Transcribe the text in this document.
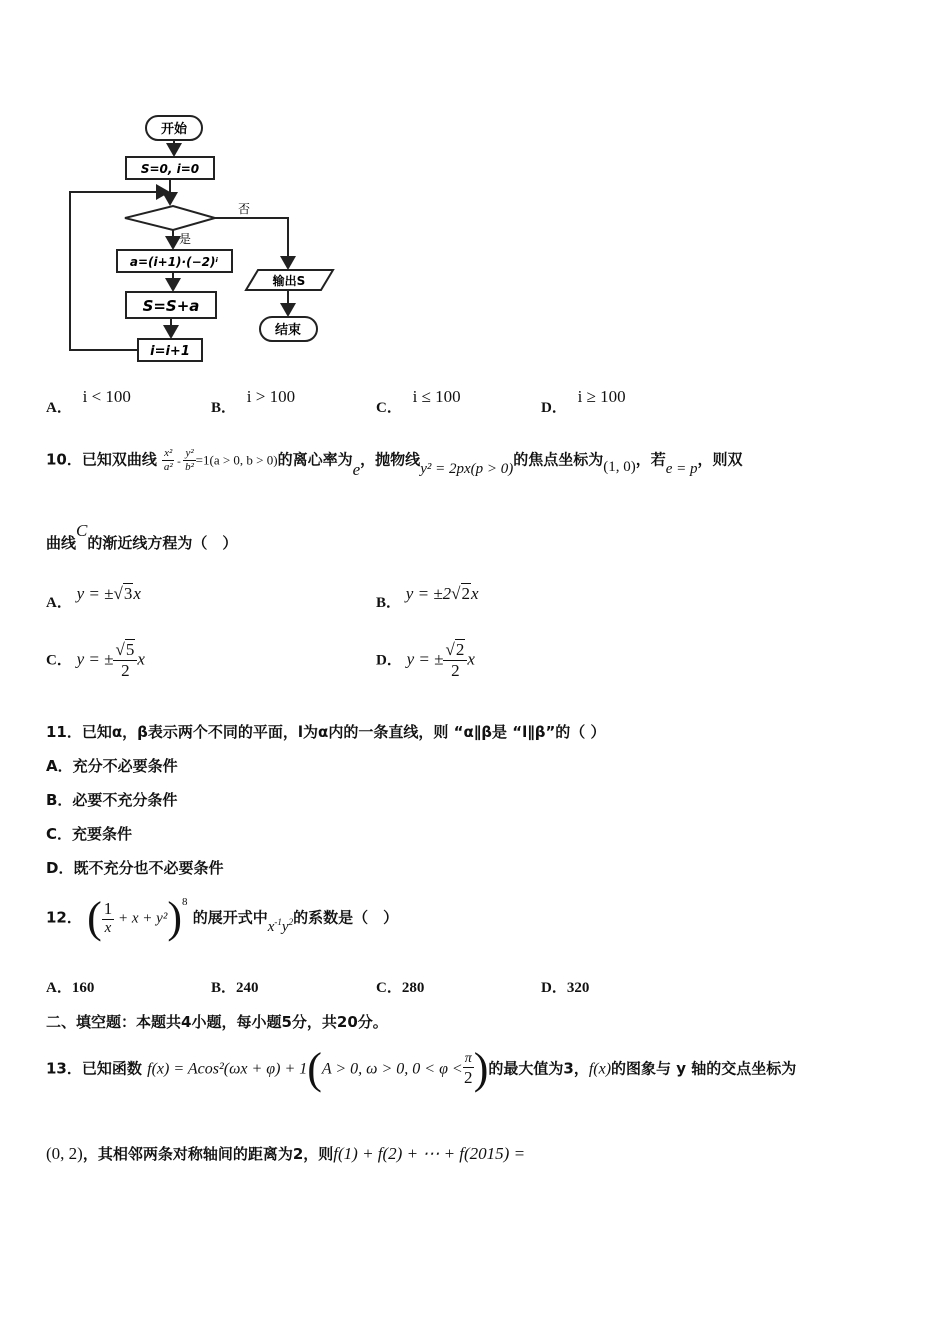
开始
S=0, i=0
否
是
a=(i+1)·(−2)ⁱ
S=S+a
i=i+1
输出S
结束
A． i < 100
B． i > 100
C． i ≤ 100
D． i ≥ 100
10．已知双曲线 $\frac{\text{x²}}{\text{a²}} - \frac{\text{y²}}{\text{b²}} =1(a > 0$, b > 0)的离心率为e，抛物线y² = 2px(p > 0)的焦点坐标为(1, 0)，若e = p，则双
曲线C的渐近线方程为（　）
A． y = ±√3x	B． y = ±2√2x
C． y = ± $\frac{√5}{2}$ x	D． y = ± $\frac{√2}{2}$ x
11．已知α，β表示两个不同的平面，l为α内的一条直线，则 “α∥β是 “l∥β”的（ ）
A．充分不必要条件
B．必要不充分条件
C．充要条件
D．既不充分也不必要条件
12． ( $\frac{1}{x} + x + y^2)^8$ 的展开式中$x^{-1}y^2$的系数是（　）
A．160	B．240	C．280	D．320
二、填空题：本题共4小题，每小题5分，共20分。
13．已知函数 f(x) = Acos²(ωx + φ) + 1(A > 0, ω > 0, $0 < \varphi < \frac{\pi}{2}$ )的最大值为3，f(x)的图象与 y 轴的交点坐标为
(0, 2)，其相邻两条对称轴间的距离为2，则f(1) + f(2) + ⋯ + f(2015) =
